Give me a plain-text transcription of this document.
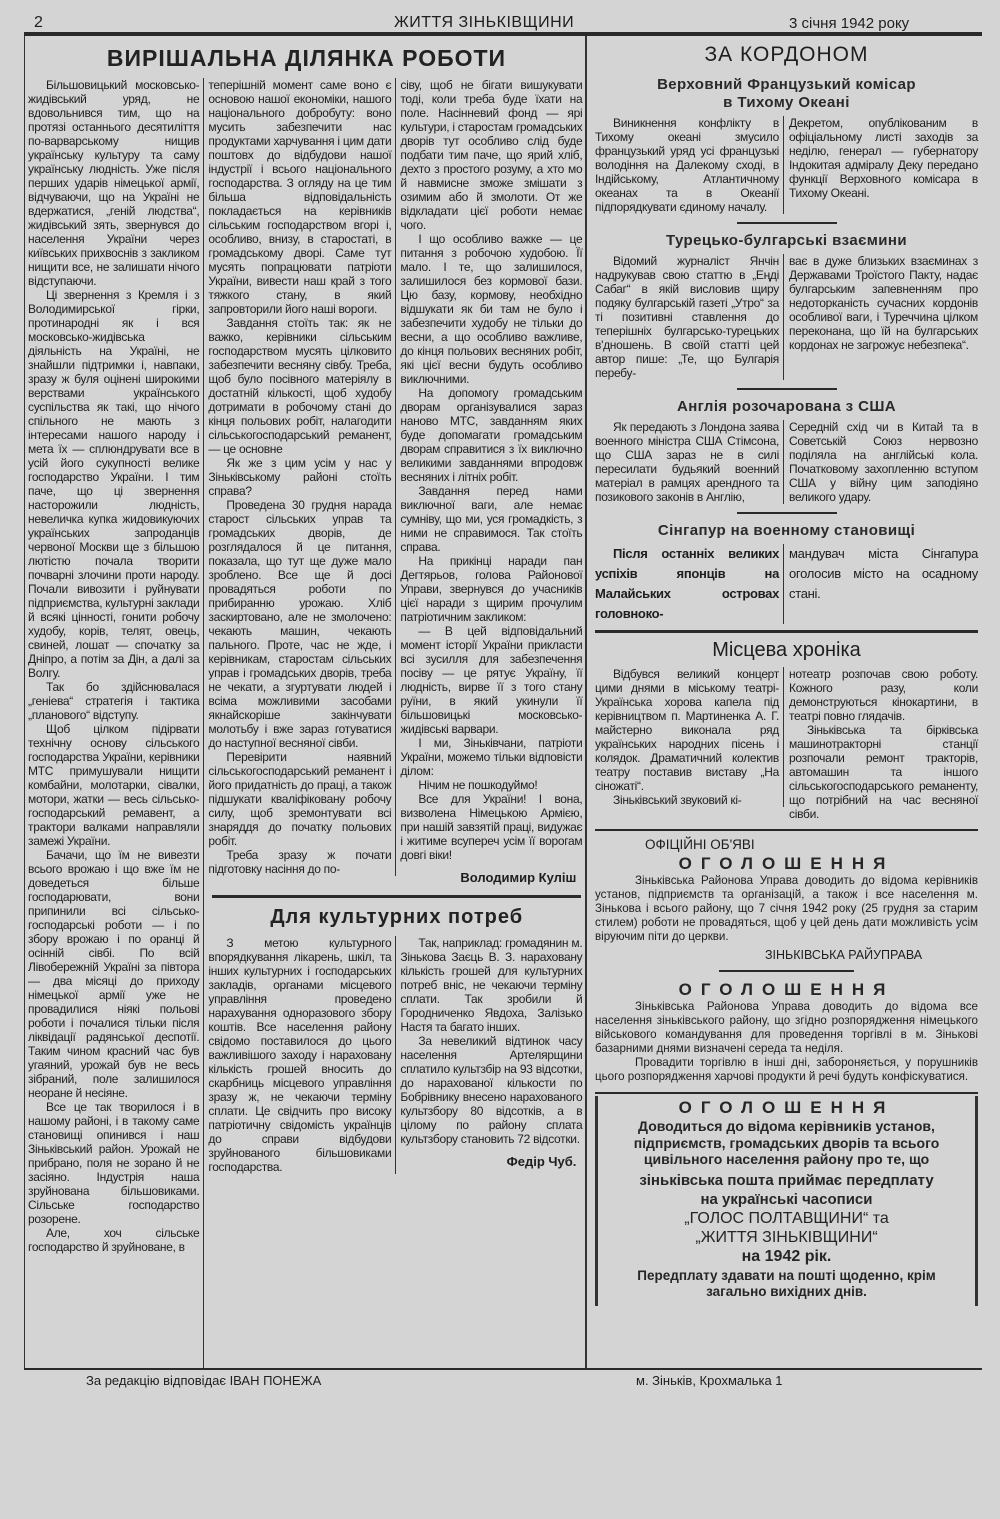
2	ЖИТТЯ ЗІНЬКІВЩИНИ	3 січня 1942 року
ВИРІШАЛЬНА ДІЛЯНКА РОБОТИ

Більшовицький московсько-жидівський уряд, не вдовольнився тим, що на протязі останнього десятиліття по-варварському нищив українську культуру та саму українську людність. Уже після перших ударів німецької армії, відчуваючи, що на Україні не вдержатися, „геній людства“, жидівський зять, звернувся до населення України через київських прихвоснів з закликом нищити все, не залишати нічого відступаючи.

Ці звернення з Кремля і з Володимирської гірки, протинародні як і вся московсько-жидівська діяльність на Україні, не знайшли підтримки і, навпаки, зразу ж буля оцінені широкими верствами українського суспільства як такі, що нічого спільного не мають з інтересами нашого народу і мета їх — сплюндрувати все в усій його сукупності велике господарство України. І тим паче, що ці звернення насторожили людність, невеличка купка жидовикуючих українських запроданців червоної Москви ще з більшою лютістю почала творити почварні злочини проти народу. Почали вивозити і руйнувати підприємства, культурні заклади й всякі цінності, гонити робочу худобу, корів, телят, овець, свиней, лошат — спочатку за Дніпро, а потім за Дін, а далі за Волгу.

Так бо здійснювалася „геніева“ стратегія і тактика „планового“ відступу.

Щоб цілком підірвати технічну основу сільського господарства України, керівники МТС примушували нищити комбайни, молотарки, сівалки, мотори, жатки — весь сільсько-господарський ремавент, а трактори валками направляли замежі України.

Бачачи, що їм не вивезти всього врожаю і що вже їм не доведеться більше господарювати, вони припинили всі сільсько-господарські роботи — і по збору врожаю і по оранці й осінній сівбі. По всій Лівобережній Україні за півтора — два місяці до приходу німецької армії уже не провадилися ніякі польові роботи і почалися тільки після ліквідації радянської деспотії. Таким чином красний час був угаяний, урожай був не весь зібраний, поле залишилося неоране й несіяне.

Все це так творилося і в нашому районі, і в такому саме становищі опинився і наш Зіньківський район. Урожай не прибрано, поля не зорано й не засіяно. Індустрія наша зруйнована більшовиками. Сільське господарство розорене.

Але, хоч сільське господарство й зруйноване, в

теперішній момент саме воно є основою нашої економіки, нашого національного добробуту: воно мусить забезпечити нас продуктами харчування і цим дати поштовх до відбудови нашої індустрії і всього національного господарства. З огляду на це тим більша відповідальність покладається на керівників сільським господарством вгорі і, особливо, внизу, в старостаті, в громадському дворі. Саме тут мусять попрацювати патріоти України, вивести наш край з того тяжкого стану, в який запровторили його наші вороги.

Завдання стоїть так: як не важко, керівники сільським господарством мусять цілковито забезпечити весняну сівбу. Треба, щоб було посівного матеріялу в достатній кількості, щоб худобу дотримати в робочому стані до кінця польових робіт, налагодити сільськогосподарський реманент, — це основне

Як же з цим усім у нас у Зіньківському районі стоїть справа?

Проведена 30 грудня нарада старост сільських управ та громадських дворів, де розглядалося й це питання, показала, що тут ще дуже мало зроблено. Все ще й досі провадяться роботи по прибиранню урожаю. Хліб заскиртовано, але не змолочено: чекають машин, чекають пального. Проте, час не жде, і керівникам, старостам сільських управ і громадських дворів, треба не чекати, а згуртувати людей і всіма можливими засобами якнайскоріше закінчувати молотьбу і вже зараз готуватися до наступної весняної сівби.

Перевірити наявний сільськогосподарський реманент і його придатність до праці, а також підшукати кваліфіковану робочу силу, щоб зремонтувати всі знаряддя до початку польових робіт.

Треба зразу ж почати підготовку насіння до по-

сіву, щоб не бігати вишукувати тоді, коли треба буде їхати на поле. Насінневий фонд — ярі культури, і старостам громадських дворів тут особливо слід буде подбати тим паче, що ярий хліб, дехто з простого розуму, а хто мо й навмисне зможе змішати з озимим або й змолоти. От же відкладати цієї роботи немає чого.

І що особливо важке — це питання з робочою худобою. Її мало. І те, що залишилося, залишилося без кормової бази. Цю базу, кормову, необхідно відшукати як би там не було і забезпечити худобу не тільки до весни, а що особливо важливе, до кінця польових весняних робіт, які цієї весни будуть особливо виключними.

На допомогу громадським дворам організувалися зараз наново МТС, завданням яких буде допомагати громадським дворам справитися з їх виключно великими завданнями впродовж весняних і літніх робіт.

Завдання перед нами виключної ваги, але немає сумніву, що ми, уся громадкість, з ними не справимося. Так стоїть справа.

На прикінці наради пан Дегтярьов, голова Районової Управи, звернувся до учасників цієї наради з щирим прочулим патріотичним закликом:

— В цей відповідальний момент історії України прикласти всі зусилля для забезпечення посіву — це рятує Україну, її людність, вирве її з того стану руїни, в який укинули її більшовицькі московсько-жидівські варвари.

І ми, Зіньківчани, патріоти України, можемо тільки відповісти ділом:

Нічим не пошкодуймо!

Все для України! І вона, визволена Німецькою Армією, при нашій завзятій праці, видужає і житиме всупереч усім її ворогам довгі віки!

Володимир Куліш
Для культурних потреб

З метою культурного впорядкування лікарень, шкіл, та інших культурних і господарських закладів, органами місцевого управління проведено нарахування одноразового збору коштів. Все населення району свідомо поставилося до цього важливішого заходу і нараховану кількість грошей вносить до скарбниць місцевого управління зразу ж, не чекаючи терміну сплати. Це свідчить про високу патріотичну свідомість українців до справи відбудови зруйнованого більшовиками господарства.

Так, наприклад: громадянин м. Зінькова Заєць В. З. нараховану кількість грошей для культурних потреб вніс, не чекаючи терміну сплати. Так зробили й Городниченко Явдоха, Залізько Настя та багато інших.

За невеликий відтинок часу населення Артелярщини сплатило культзбір на 93 відсотки, до нарахованої кількости по Бобрівнику внесено нарахованого культзбору 80 відсотків, а в цілому по району сплата культзбору становить 72 відсотки.

Федір Чуб.
ЗА КОРДОНОМ
Верховний Французький комісар
в Тихому Океані

Виникнення конфлікту в Тихому океані змусило французький уряд усі французькі володіння на Далекому сході, в Індійському, Атлантичному океанах та в Океанії підпорядкувати єдиному началу.

Декретом, опублікованим в офіціальному листі заходів за неділю, генерал — губернатору Індокитая адміралу Деку передано функції Верховного комісара в Тихому Океані.

Турецько-булгарські взаємини

Відомий журналіст Янчін надрукував свою статтю в „Еңді Сабаг“ в якій висловив щиру подяку булгарській газеті „Утро“ за ті позитивні ставлення до теперішніх булгарсько-турецьких в'дношень. В своїй статті цей автор пише: „Те, що Булгарія перебу-

ває в дуже близьких взаєминах з Державами Троїстого Пакту, надає булгарським запевненням про недоторканість сучасних кордонів особливої ваги, і Туреччина цілком переконана, що їй на булгарських кордонах не загрожує небезпека“.

Англія розочарована з США

Як передають з Лондона заява военного міністра США Стімсона, що США зараз не в силі пересилати будьякий военний матеріал в рамцях арендного та позикового законів в Англію,

Середній схід чи в Китай та в Советській Союз нервозно поділяла на англійські кола. Початковому захопленню вступом США у війну цим заподіяно великого удару.

Сінгапур на военному становищі

Після останніх великих успіхів японців на Малайських островах головноко-

мандувач міста Сінгапура оголосив місто на осадному стані.

Місцева хроніка

Відбувся великий концерт цими днями в міському театрі-Українська хорова капела під керівництвом п. Мартиненка А. Г. майстерно виконала ряд українських народних пісень і колядок. Драматичний колектив театру поставив виставу „На сіножаті“.

Зіньківський звуковий кі-

нотеатр розпочав свою роботу. Кожного разу, коли демонструються кінокартини, в театрі повно глядачів.

Зіньківська та бірківська машинотракторні станції розпочали ремонт тракторів, автомашин та іншого сільськогосподарського реманенту, що потрібний на час весняної сівби.

ОФІЦІЙНІ ОБ'ЯВІ
ОГОЛОШЕННЯ

Зіньківська Районова Управа доводить до відома керівників установ, підприємств та організацій, а також і все населення м. Зінькова і всього району, що 7 січня 1942 року (25 грудня за старим стилем) роботи не провадяться, щоб у цей день дати можливість усім віруючим піти до церкви.

ЗІНЬКІВСЬКА РАЙУПРАВА
ОГОЛОШЕННЯ

Зіньківська Районова Управа доводить до відома все населення зіньківського району, що згідно розпорядження німецького військового командування для проведення торгівлі в м. Зінькові базарними днями визначені середа та неділя.

Провадити торгівлю в інші дні, забороняється, у порушників цього розпорядження харчові продукти й речі будуть конфіскуватися.

ОГОЛОШЕННЯ
Доводиться до відома керівників установ, підприємств, громадських дворів та всього цивільного населення району про те, що
зіньківська пошта приймає передплату
на українські часописи
„ГОЛОС ПОЛТАВЩИНИ“ та
„ЖИТТЯ ЗІНЬКІВЩИНИ“
на 1942 рік.
Передплату здавати на пошті щоденно, крім загально вихідних днів.
За редакцію відповідає ІВАН ПОНЕЖА	м. Зіньків, Крохмалька 1
